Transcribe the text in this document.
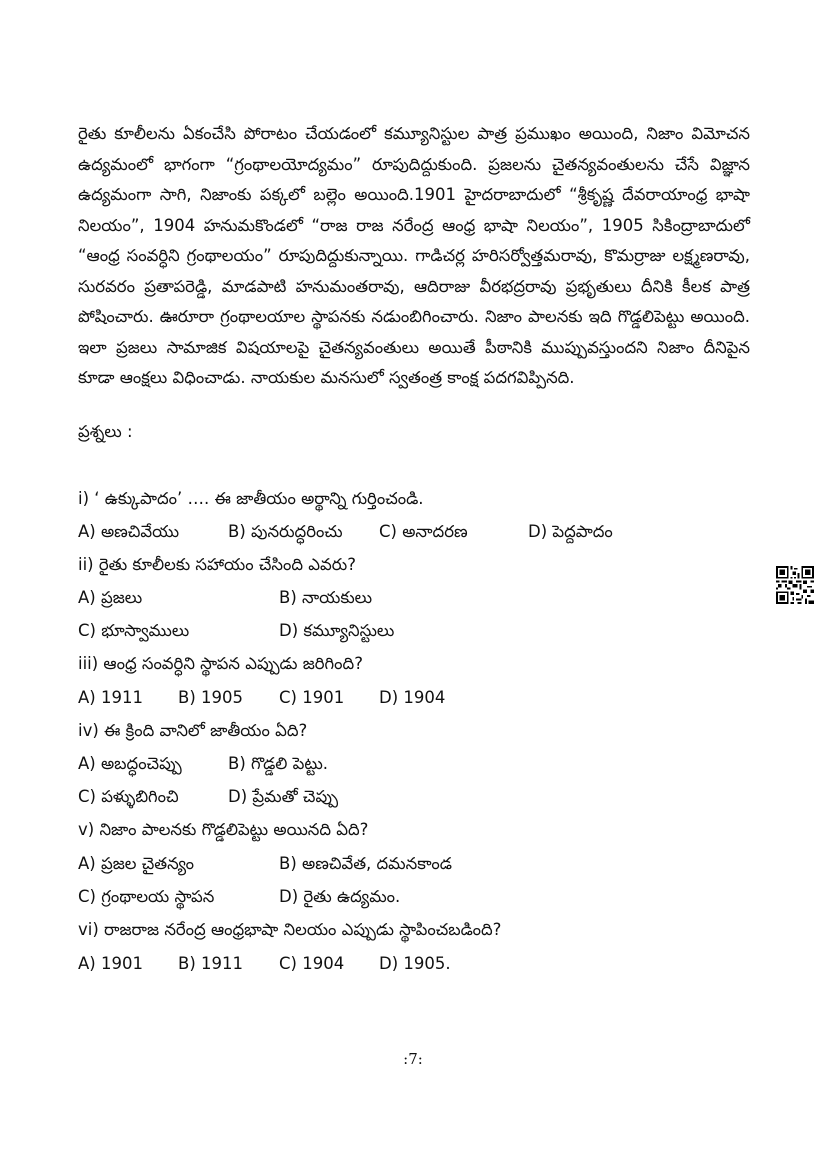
రైతు కూలీలను ఏకంచేసి పోరాటం చేయడంలో కమ్యూనిస్టుల పాత్ర ప్రముఖం అయింది, నిజాం విమోచన ఉద్యమంలో భాగంగా “గ్రంథాలయోద్యమం” రూపుదిద్దుకుంది. ప్రజలను చైతన్యవంతులను చేసే విజ్ఞాన ఉద్యమంగా సాగి, నిజాంకు పక్కలో బల్లెం అయింది.1901 హైదరాబాదులో “శ్రీకృష్ణ దేవరాయాంధ్ర భాషా నిలయం”, 1904 హనుమకొండలో “రాజ రాజ నరేంద్ర ఆంధ్ర భాషా నిలయం”, 1905 సికింద్రాబాదులో “ఆంధ్ర సంవర్ధిని గ్రంథాలయం” రూపుదిద్దుకున్నాయి. గాడిచర్ల హరిసర్వోత్తమరావు, కొమర్రాజు లక్ష్మణరావు, సురవరం ప్రతాపరెడ్డి, మాడపాటి హనుమంతరావు, ఆదిరాజు వీరభద్రరావు ప్రభృతులు దీనికి కీలక పాత్ర పోషించారు. ఊరూరా గ్రంథాలయాల స్థాపనకు నడుంబిగించారు. నిజాం పాలనకు ఇది గొడ్డలిపెట్టు అయింది. ఇలా ప్రజలు సామాజిక విషయాలపై చైతన్యవంతులు అయితే పీఠానికి ముప్పువస్తుందని నిజాం దీనిపైన కూడా ఆంక్షలు విధించాడు. నాయకుల మనసులో స్వతంత్ర కాంక్ష పదగవిప్పినది.

ప్రశ్నలు :

i) ‘ ఉక్కుపాదం’ …. ఈ జాతీయం అర్థాన్ని గుర్తించండి.

A) అణచివేయు	B) పునరుద్ధరించు C) అనాదరణ	D) పెద్దపాదం

ii) రైతు కూలీలకు సహాయం చేసింది ఎవరు?

A) ప్రజలు	B) నాయకులు
C) భూస్వాములు	D) కమ్యూనిస్టులు

iii) ఆంధ్ర సంవర్ధిని స్థాపన ఎప్పుడు జరిగింది?

A) 1911 B) 1905 C) 1901 D) 1904

iv) ఈ క్రింది వానిలో జాతీయం ఏది?

A) అబద్ధంచెప్పు	B) గొడ్డలి పెట్టు.
C) పళ్ళుబిగించి	D) ప్రేమతో చెప్పు

v) నిజాం పాలనకు గొడ్డలిపెట్టు అయినది ఏది?

A) ప్రజల చైతన్యం	B) అణచివేత, దమనకాండ
C) గ్రంథాలయ స్థాపన	D) రైతు ఉద్యమం.

vi) రాజరాజ నరేంద్ర ఆంధ్రభాషా నిలయం ఎప్పుడు స్థాపించబడింది?

A) 1901 B) 1911 C) 1904 D) 1905.
:7:
